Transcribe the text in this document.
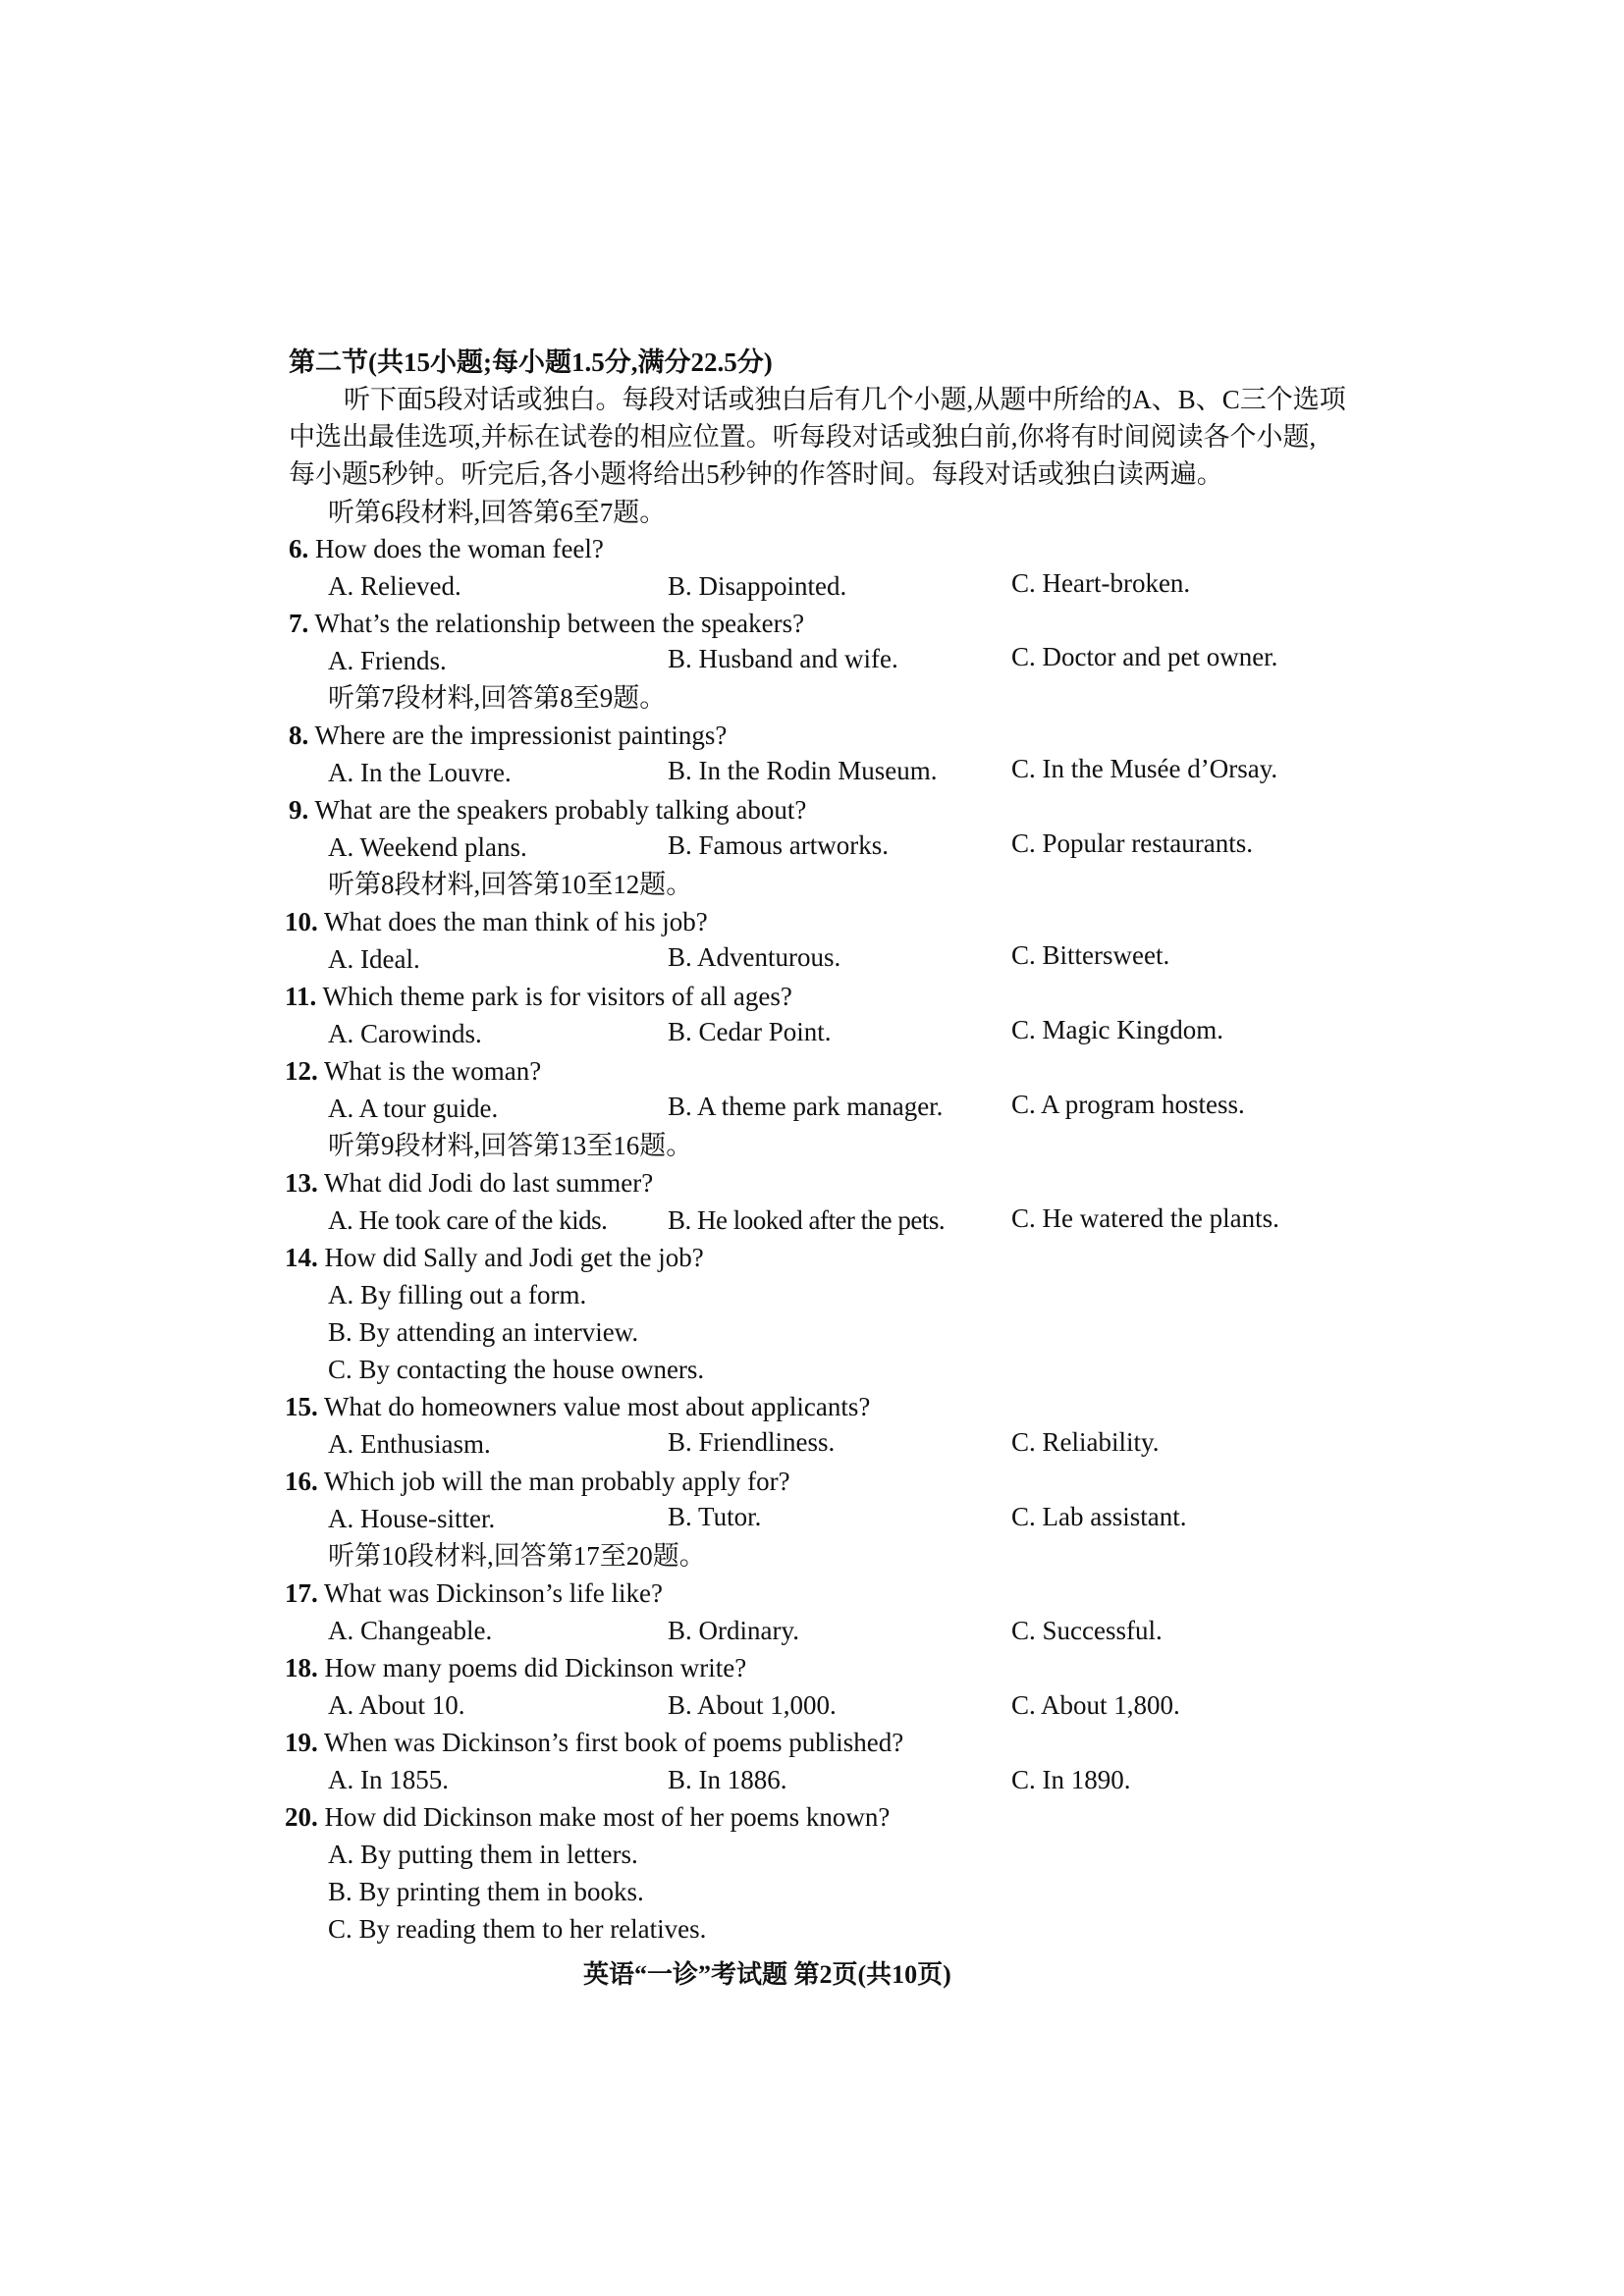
第二节(共15小题;每小题1.5分,满分22.5分)
听下面5段对话或独白。每段对话或独白后有几个小题,从题中所给的A、B、C三个选项
中选出最佳选项,并标在试卷的相应位置。听每段对话或独白前,你将有时间阅读各个小题,
每小题5秒钟。听完后,各小题将给出5秒钟的作答时间。每段对话或独白读两遍。
听第6段材料,回答第6至7题。
6. How does the woman feel?
A. Relieved.	B. Disappointed.	C. Heart-broken.
7. What’s the relationship between the speakers?
A. Friends.	B. Husband and wife.	C. Doctor and pet owner.
听第7段材料,回答第8至9题。
8. Where are the impressionist paintings?
A. In the Louvre.	B. In the Rodin Museum.	C. In the Musée d’Orsay.
9. What are the speakers probably talking about?
A. Weekend plans.	B. Famous artworks.	C. Popular restaurants.
听第8段材料,回答第10至12题。
10. What does the man think of his job?
A. Ideal.	B. Adventurous.	C. Bittersweet.
11. Which theme park is for visitors of all ages?
A. Carowinds.	B. Cedar Point.	C. Magic Kingdom.
12. What is the woman?
A. A tour guide.	B. A theme park manager.	C. A program hostess.
听第9段材料,回答第13至16题。
13. What did Jodi do last summer?
A. He took care of the kids. B. He looked after the pets.	C. He watered the plants.
14. How did Sally and Jodi get the job?
A. By filling out a form.
B. By attending an interview.
C. By contacting the house owners.
15. What do homeowners value most about applicants?
A. Enthusiasm.	B. Friendliness.	C. Reliability.
16. Which job will the man probably apply for?
A. House-sitter.	B. Tutor.	C. Lab assistant.
听第10段材料,回答第17至20题。
17. What was Dickinson’s life like?
A. Changeable.	B. Ordinary.	C. Successful.
18. How many poems did Dickinson write?
A. About 10.	B. About 1,000.	C. About 1,800.
19. When was Dickinson’s first book of poems published?
A. In 1855.	B. In 1886.	C. In 1890.
20. How did Dickinson make most of her poems known?
A. By putting them in letters.
B. By printing them in books.
C. By reading them to her relatives.
英语“一诊”考试题 第2页(共10页)
